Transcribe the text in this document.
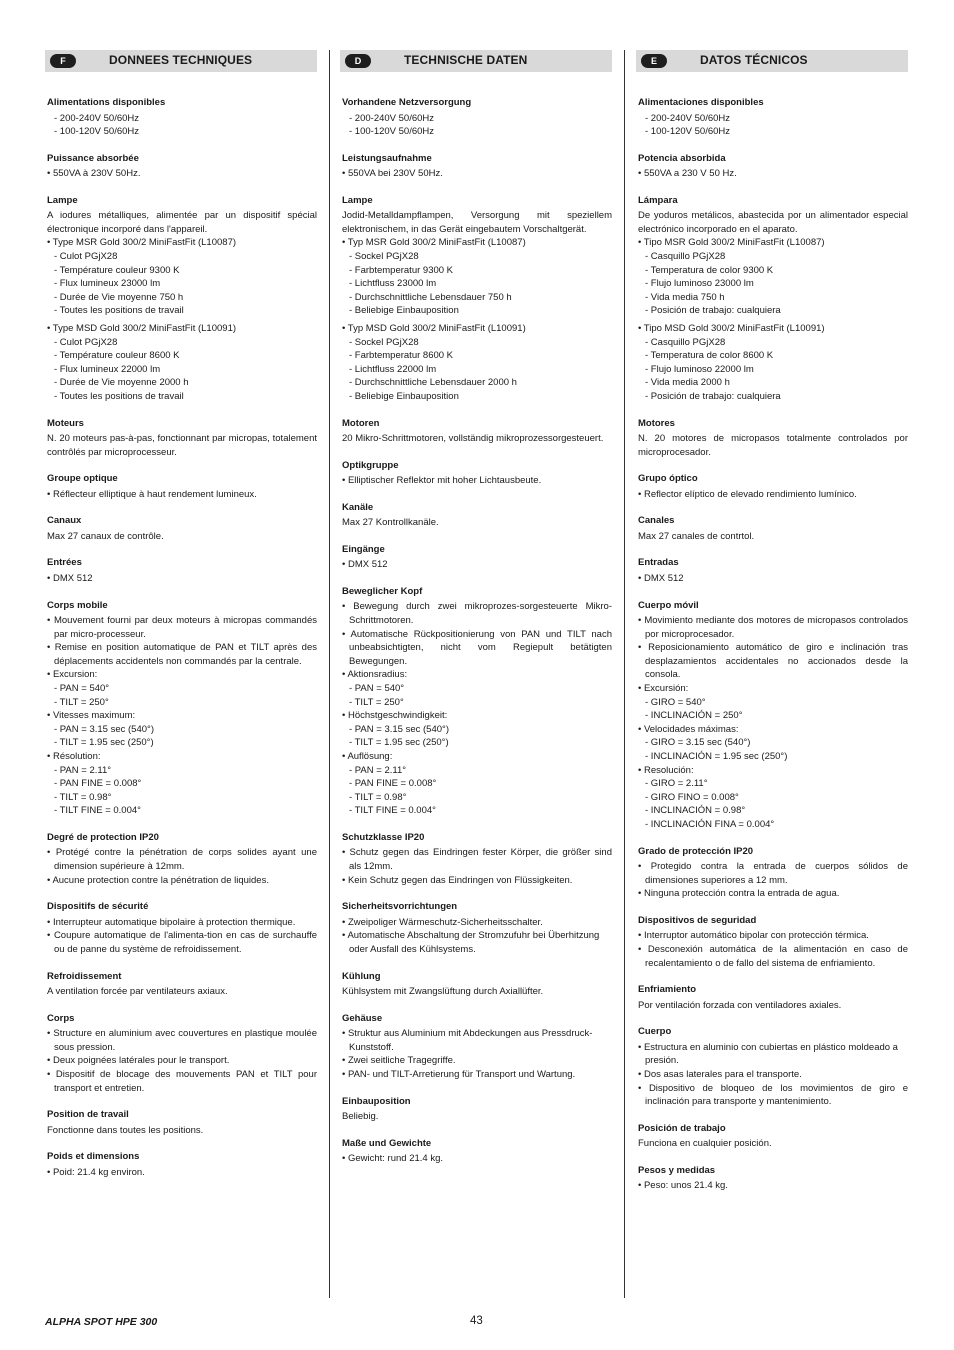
F	DONNEES TECHNIQUES
Alimentations disponibles
- 200-240V 50/60Hz
- 100-120V 50/60Hz
Puissance absorbée
• 550VA à 230V 50Hz.
Lampe
A iodures métalliques, alimentée par un dispositif spécial électronique incorporé dans l'appareil.
• Type MSR Gold 300/2 MiniFastFit (L10087)
- Culot PGjX28
- Température couleur 9300 K
- Flux lumineux 23000 lm
- Durée de Vie moyenne 750 h
- Toutes les positions de travail
• Type MSD Gold 300/2 MiniFastFit (L10091)
- Culot PGjX28
- Température couleur 8600 K
- Flux lumineux 22000 lm
- Durée de Vie moyenne 2000 h
- Toutes les positions de travail
Moteurs
N. 20 moteurs pas-à-pas, fonctionnant par micropas, totalement contrôlés par microprocesseur.
Groupe optique
• Réflecteur elliptique à haut rendement lumineux.
Canaux
Max 27 canaux de contrôle.
Entrées
• DMX 512
Corps mobile
• Mouvement fourni par deux moteurs à micropas commandés par micro-processeur.
• Remise en position automatique de PAN et TILT après des déplacements accidentels non commandés par la centrale.
• Excursion:
- PAN = 540°
- TILT = 250°
• Vitesses maximum:
- PAN = 3.15 sec (540°)
- TILT = 1.95 sec (250°)
• Résolution:
- PAN = 2.11°
- PAN FINE = 0.008°
- TILT = 0.98°
- TILT FINE = 0.004°
Degré de protection IP20
• Protégé contre la pénétration de corps solides ayant une dimension supérieure à 12mm.
• Aucune protection contre la pénétration de liquides.
Dispositifs de sécurité
• Interrupteur automatique bipolaire à protection thermique.
• Coupure automatique de l'alimenta-tion en cas de surchauffe ou de panne du système de refroidissement.
Refroidissement
A ventilation forcée par ventilateurs axiaux.
Corps
• Structure en aluminium avec couvertures en plastique moulée sous pression.
• Deux poignées latérales pour le transport.
• Dispositif de blocage des mouvements PAN et TILT pour transport et entretien.
Position de travail
Fonctionne dans toutes les positions.
Poids et dimensions
• Poid: 21.4 kg environ.
D	TECHNISCHE DATEN
Vorhandene Netzversorgung
- 200-240V 50/60Hz
- 100-120V 50/60Hz
Leistungsaufnahme
• 550VA bei 230V 50Hz.
Lampe
Jodid-Metalldampflampen, Versorgung mit speziellem elektronischem, in das Gerät eingebautem Vorschaltgerät.
• Typ MSR Gold 300/2 MiniFastFit (L10087)
- Sockel PGjX28
- Farbtemperatur 9300 K
- Lichtfluss 23000 lm
- Durchschnittliche Lebensdauer 750 h
- Beliebige Einbauposition
• Typ MSD Gold 300/2 MiniFastFit (L10091)
- Sockel PGjX28
- Farbtemperatur 8600 K
- Lichtfluss 22000 lm
- Durchschnittliche Lebensdauer 2000 h
- Beliebige Einbauposition
Motoren
20 Mikro-Schrittmotoren, vollständig mikroprozessorgesteuert.
Optikgruppe
• Elliptischer Reflektor mit hoher Lichtausbeute.
Kanäle
Max 27 Kontrollkanäle.
Eingänge
• DMX 512
Beweglicher Kopf
• Bewegung durch zwei mikroprozes-sorgesteuerte Mikro-Schrittmotoren.
• Automatische Rückpositionierung von PAN und TILT nach unbeabsichtigten, nicht vom Regiepult betätigten Bewegungen.
• Aktionsradius:
- PAN = 540°
- TILT = 250°
• Höchstgeschwindigkeit:
- PAN = 3.15 sec (540°)
- TILT = 1.95 sec (250°)
• Auflösung:
- PAN = 2.11°
- PAN FINE = 0.008°
- TILT = 0.98°
- TILT FINE = 0.004°
Schutzklasse IP20
• Schutz gegen das Eindringen fester Körper, die größer sind als 12mm.
• Kein Schutz gegen das Eindringen von Flüssigkeiten.
Sicherheitsvorrichtungen
• Zweipoliger Wärmeschutz-Sicherheitsschalter.
• Automatische Abschaltung der Stromzufuhr bei Überhitzung oder Ausfall des Kühlsystems.
Kühlung
Kühlsystem mit Zwangslüftung durch Axiallüfter.
Gehäuse
• Struktur aus Aluminium mit Abdeckungen aus Pressdruck-Kunststoff.
• Zwei seitliche Tragegriffe.
• PAN- und TILT-Arretierung für Transport und Wartung.
Einbauposition
Beliebig.
Maße und Gewichte
• Gewicht: rund 21.4 kg.
E	DATOS TÉCNICOS
Alimentaciones disponibles
- 200-240V 50/60Hz
- 100-120V 50/60Hz
Potencia absorbida
• 550VA a 230 V 50 Hz.
Lámpara
De yoduros metálicos, abastecida por un alimentador especial electrónico incorporado en el aparato.
• Tipo MSR Gold 300/2 MiniFastFit (L10087)
- Casquillo PGjX28
- Temperatura de color 9300 K
- Flujo luminoso 23000 lm
- Vida media 750 h
- Posición de trabajo: cualquiera
• Tipo MSD Gold 300/2 MiniFastFit (L10091)
- Casquillo PGjX28
- Temperatura de color 8600 K
- Flujo luminoso 22000 lm
- Vida media 2000 h
- Posición de trabajo: cualquiera
Motores
N. 20 motores de micropasos totalmente controlados por microprocesador.
Grupo óptico
• Reflector elíptico de elevado rendimiento lumínico.
Canales
Max 27 canales de contrtol.
Entradas
• DMX 512
Cuerpo móvil
• Movimiento mediante dos motores de micropasos controlados por microprocesador.
• Reposicionamiento automático de giro e inclinación tras desplazamientos accidentales no accionados desde la consola.
• Excursión:
- GIRO = 540°
- INCLINACIÓN = 250°
• Velocidades máximas:
- GIRO = 3.15 sec (540°)
- INCLINACIÓN = 1.95 sec (250°)
• Resolución:
- GIRO = 2.11°
- GIRO FINO = 0.008°
- INCLINACIÓN = 0.98°
- INCLINACIÓN FINA = 0.004°
Grado de protección IP20
• Protegido contra la entrada de cuerpos sólidos de dimensiones superiores a 12 mm.
• Ninguna protección contra la entrada de agua.
Dispositivos de seguridad
• Interruptor automático bipolar con protección térmica.
• Desconexión automática de la alimentación en caso de recalentamiento o de fallo del sistema de enfriamiento.
Enfriamiento
Por ventilación forzada con ventiladores axiales.
Cuerpo
• Estructura en aluminio con cubiertas en plástico moldeado a presión.
• Dos asas laterales para el transporte.
• Dispositivo de bloqueo de los movimientos de giro e inclinación para transporte y mantenimiento.
Posición de trabajo
Funciona en cualquier posición.
Pesos y medidas
• Peso: unos 21.4 kg.
ALPHA SPOT HPE 300	43
